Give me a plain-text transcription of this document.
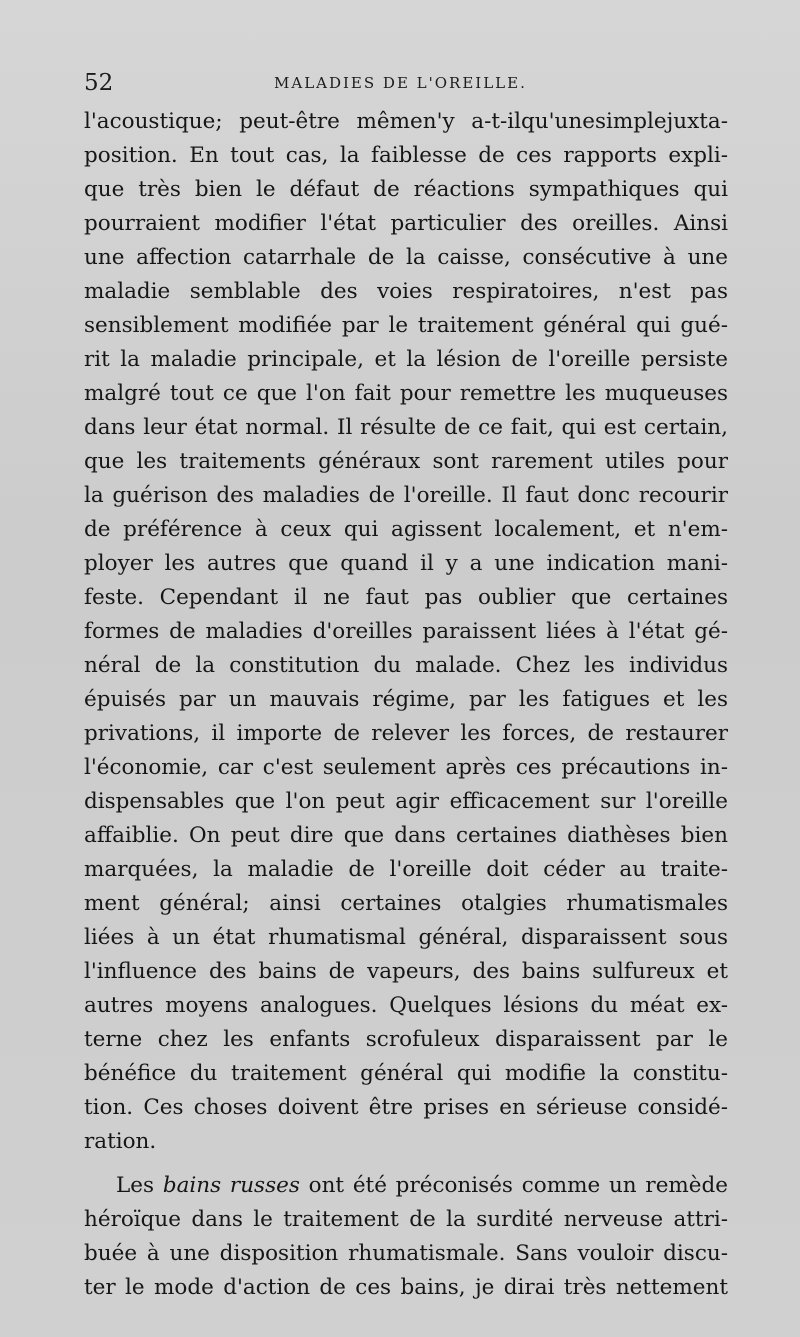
52	MALADIES DE L'OREILLE.
l'acoustique; peut-être mêmen'y a-t-ilqu'unesimplejuxta-
position. En tout cas, la faiblesse de ces rapports expli-
que très bien le défaut de réactions sympathiques qui
pourraient modifier l'état particulier des oreilles. Ainsi
une affection catarrhale de la caisse, consécutive à une
maladie semblable des voies respiratoires, n'est pas
sensiblement modifiée par le traitement général qui gué-
rit la maladie principale, et la lésion de l'oreille persiste
malgré tout ce que l'on fait pour remettre les muqueuses
dans leur état normal. Il résulte de ce fait, qui est certain,
que les traitements généraux sont rarement utiles pour
la guérison des maladies de l'oreille. Il faut donc recourir
de préférence à ceux qui agissent localement, et n'em-
ployer les autres que quand il y a une indication mani-
feste. Cependant il ne faut pas oublier que certaines
formes de maladies d'oreilles paraissent liées à l'état gé-
néral de la constitution du malade. Chez les individus
épuisés par un mauvais régime, par les fatigues et les
privations, il importe de relever les forces, de restaurer
l'économie, car c'est seulement après ces précautions in-
dispensables que l'on peut agir efficacement sur l'oreille
affaiblie. On peut dire que dans certaines diathèses bien
marquées, la maladie de l'oreille doit céder au traite-
ment général; ainsi certaines otalgies rhumatismales
liées à un état rhumatismal général, disparaissent sous
l'influence des bains de vapeurs, des bains sulfureux et
autres moyens analogues. Quelques lésions du méat ex-
terne chez les enfants scrofuleux disparaissent par le
bénéfice du traitement général qui modifie la constitu-
tion. Ces choses doivent être prises en sérieuse considé-
ration.
Les bains russes ont été préconisés comme un remède
héroïque dans le traitement de la surdité nerveuse attri-
buée à une disposition rhumatismale. Sans vouloir discu-
ter le mode d'action de ces bains, je dirai très nettement
